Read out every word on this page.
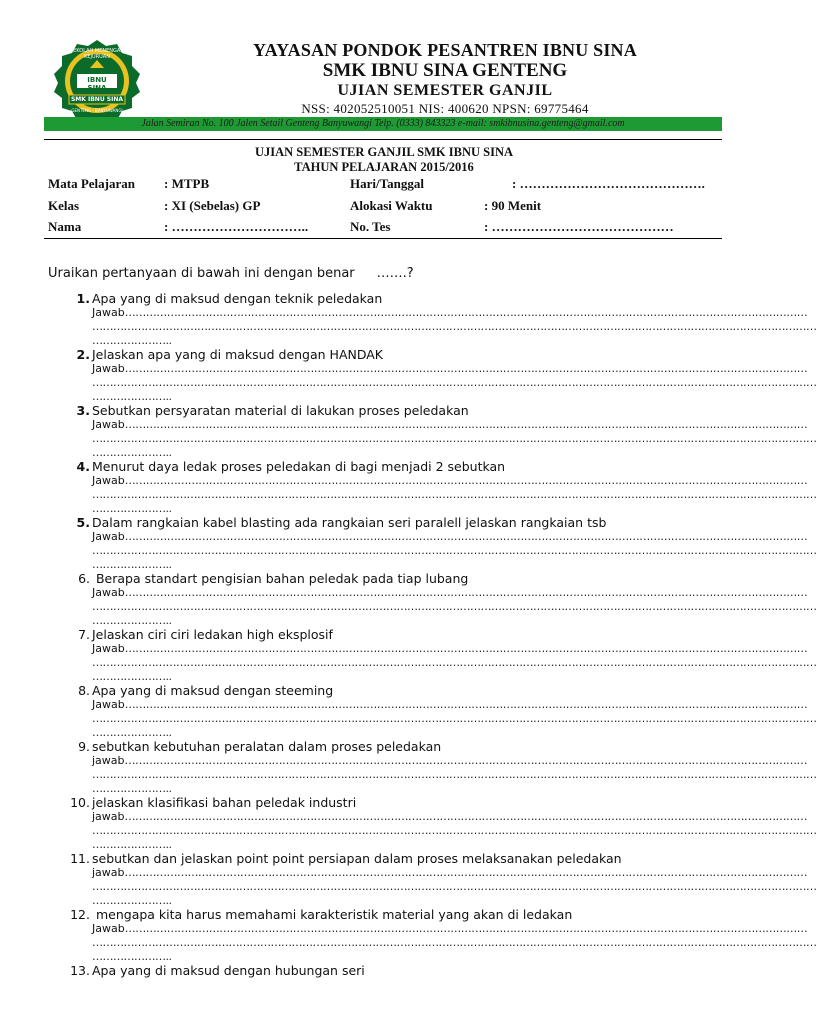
SEKOLAH MENENGAH KEJURUAN
IBNU SINA
SMK IBNU SINA
GENTENG - BANYUWANGI
YAYASAN PONDOK PESANTREN IBNU SINA
SMK IBNU SINA GENTENG
UJIAN SEMESTER GANJIL
NSS: 402052510051 NIS: 400620 NPSN: 69775464
Jalan Semiran No. 100 Jalen Setail Genteng Banyuwangi Telp. (0333) 843323 e-mail: smkibnusina.genteng@gmail.com
UJIAN SEMESTER GANJIL SMK IBNU SINA
TAHUN PELAJARAN 2015/2016
Mata Pelajaran : MTPB	Hari/Tanggal	: …………………………………….
Kelas	: XI (Sebelas) GP	Alokasi Waktu	: 90 Menit
Nama	: …………………………..	No. Tes	: ……………………………………
Uraikan pertanyaan di bawah ini dengan benar …….?
1. Apa yang di maksud dengan teknik peledakan
Jawab……………………………………………………………………………………………………………………………………………………………………………
………………………………………………………………………………………………………………………………………………………………………………………
…………………..
2. Jelaskan apa yang di maksud dengan HANDAK
Jawab……………………………………………………………………………………………………………………………………………………………………………
………………………………………………………………………………………………………………………………………………………………………………………
…………………..
3. Sebutkan persyaratan material di lakukan proses peledakan
Jawab……………………………………………………………………………………………………………………………………………………………………………
………………………………………………………………………………………………………………………………………………………………………………………
…………………..
4. Menurut daya ledak proses peledakan di bagi menjadi 2 sebutkan
Jawab……………………………………………………………………………………………………………………………………………………………………………
………………………………………………………………………………………………………………………………………………………………………………………
…………………..
5. Dalam rangkaian kabel blasting ada rangkaian seri paralell jelaskan rangkaian tsb
Jawab……………………………………………………………………………………………………………………………………………………………………………
………………………………………………………………………………………………………………………………………………………………………………………
…………………..
6. Berapa standart pengisian bahan peledak pada tiap lubang
Jawab……………………………………………………………………………………………………………………………………………………………………………
………………………………………………………………………………………………………………………………………………………………………………………
…………………..
7. Jelaskan ciri ciri ledakan high eksplosif
Jawab……………………………………………………………………………………………………………………………………………………………………………
………………………………………………………………………………………………………………………………………………………………………………………
…………………..
8. Apa yang di maksud dengan steeming
Jawab……………………………………………………………………………………………………………………………………………………………………………
………………………………………………………………………………………………………………………………………………………………………………………
…………………..
9. sebutkan kebutuhan peralatan dalam proses peledakan
jawab……………………………………………………………………………………………………………………………………………………………………………
………………………………………………………………………………………………………………………………………………………………………………………
…………………..
10. jelaskan klasifikasi bahan peledak industri
jawab……………………………………………………………………………………………………………………………………………………………………………
………………………………………………………………………………………………………………………………………………………………………………………
…………………..
11. sebutkan dan jelaskan point point persiapan dalam proses melaksanakan peledakan
jawab……………………………………………………………………………………………………………………………………………………………………………
………………………………………………………………………………………………………………………………………………………………………………………
…………………..
12. mengapa kita harus memahami karakteristik material yang akan di ledakan
Jawab……………………………………………………………………………………………………………………………………………………………………………
………………………………………………………………………………………………………………………………………………………………………………………
…………………..
13. Apa yang di maksud dengan hubungan seri
